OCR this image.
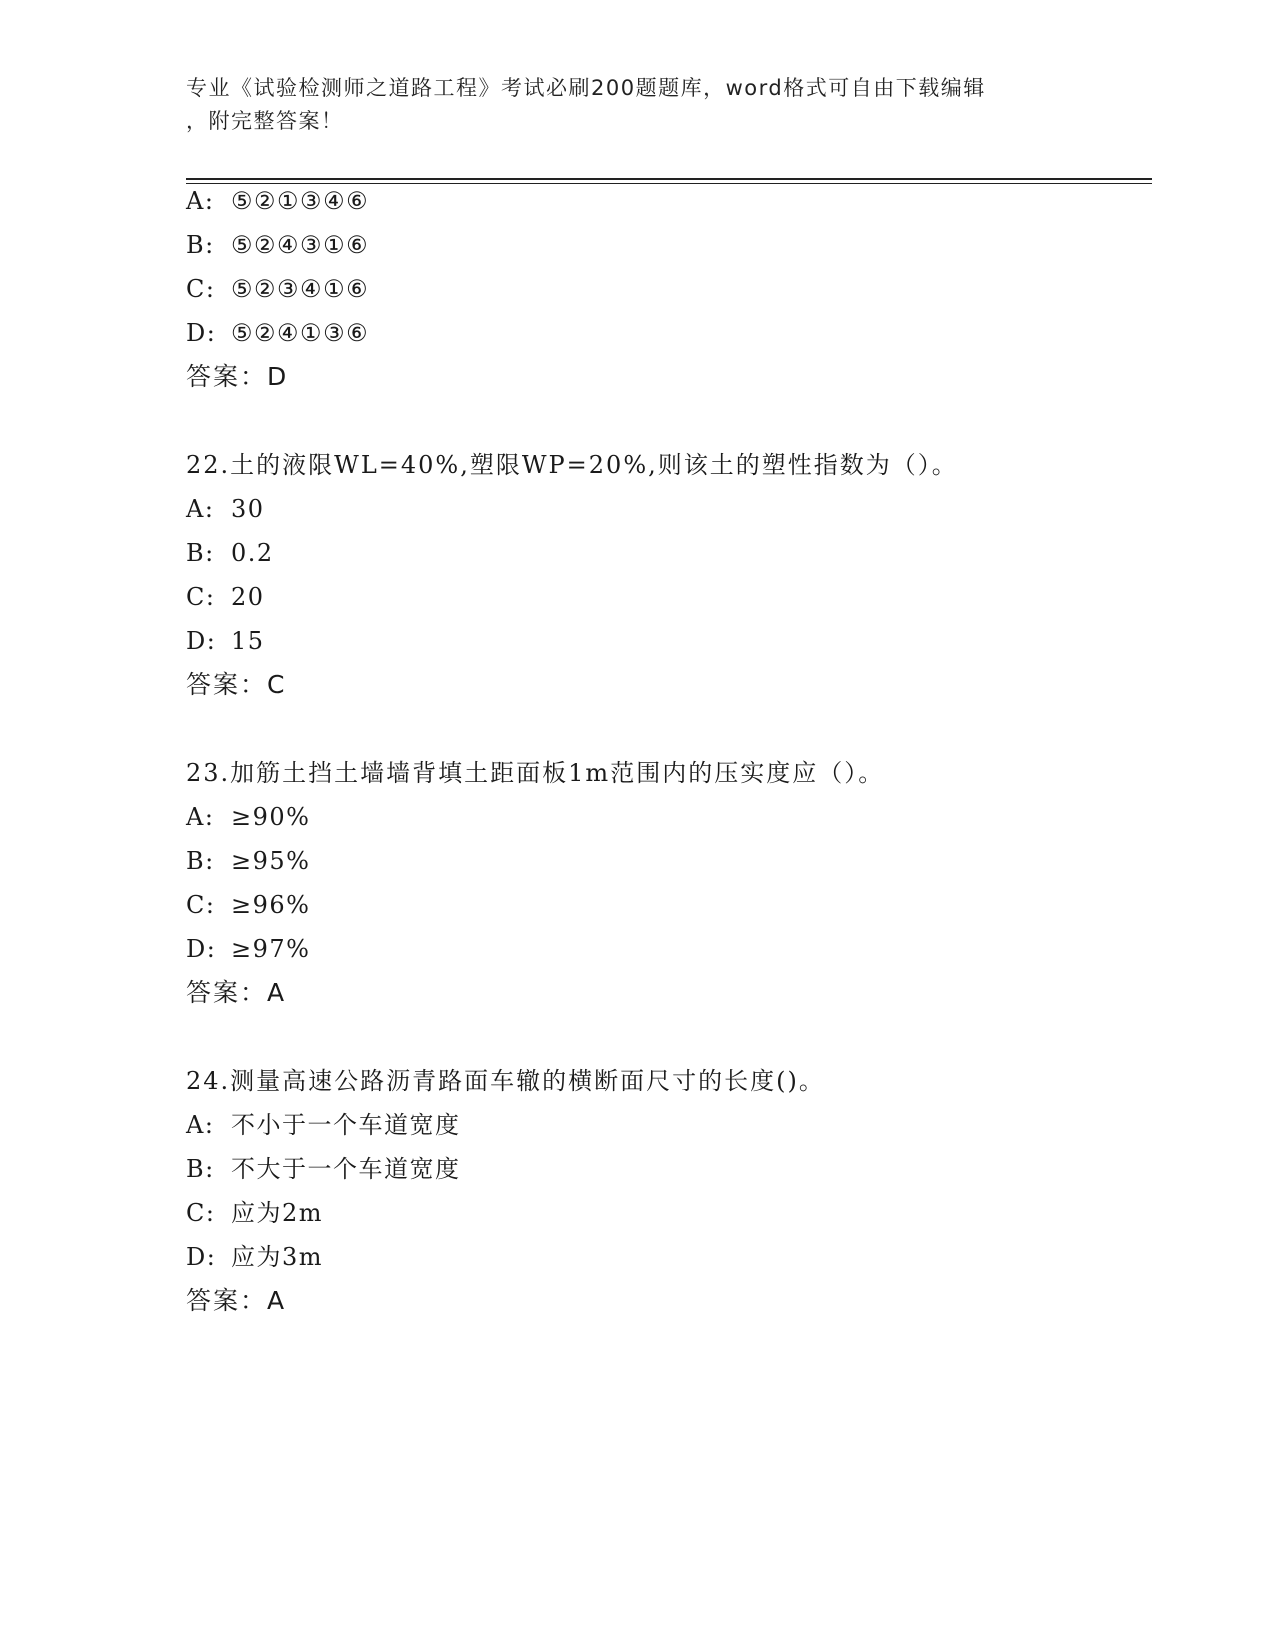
专业《试验检测师之道路工程》考试必刷200题题库，word格式可自由下载编辑
，附完整答案！
A: ⑤②①③④⑥
B: ⑤②④③①⑥
C: ⑤②③④①⑥
D: ⑤②④①③⑥
答案：D
22.土的液限WL=40%,塑限WP=20%,则该土的塑性指数为（）。
A: 30
B: 0.2
C: 20
D: 15
答案：C
23.加筋土挡土墙墙背填土距面板1m范围内的压实度应（）。
A: ≥90%
B: ≥95%
C: ≥96%
D: ≥97%
答案：A
24.测量高速公路沥青路面车辙的横断面尺寸的长度()。
A: 不小于一个车道宽度
B: 不大于一个车道宽度
C: 应为2m
D: 应为3m
答案：A
